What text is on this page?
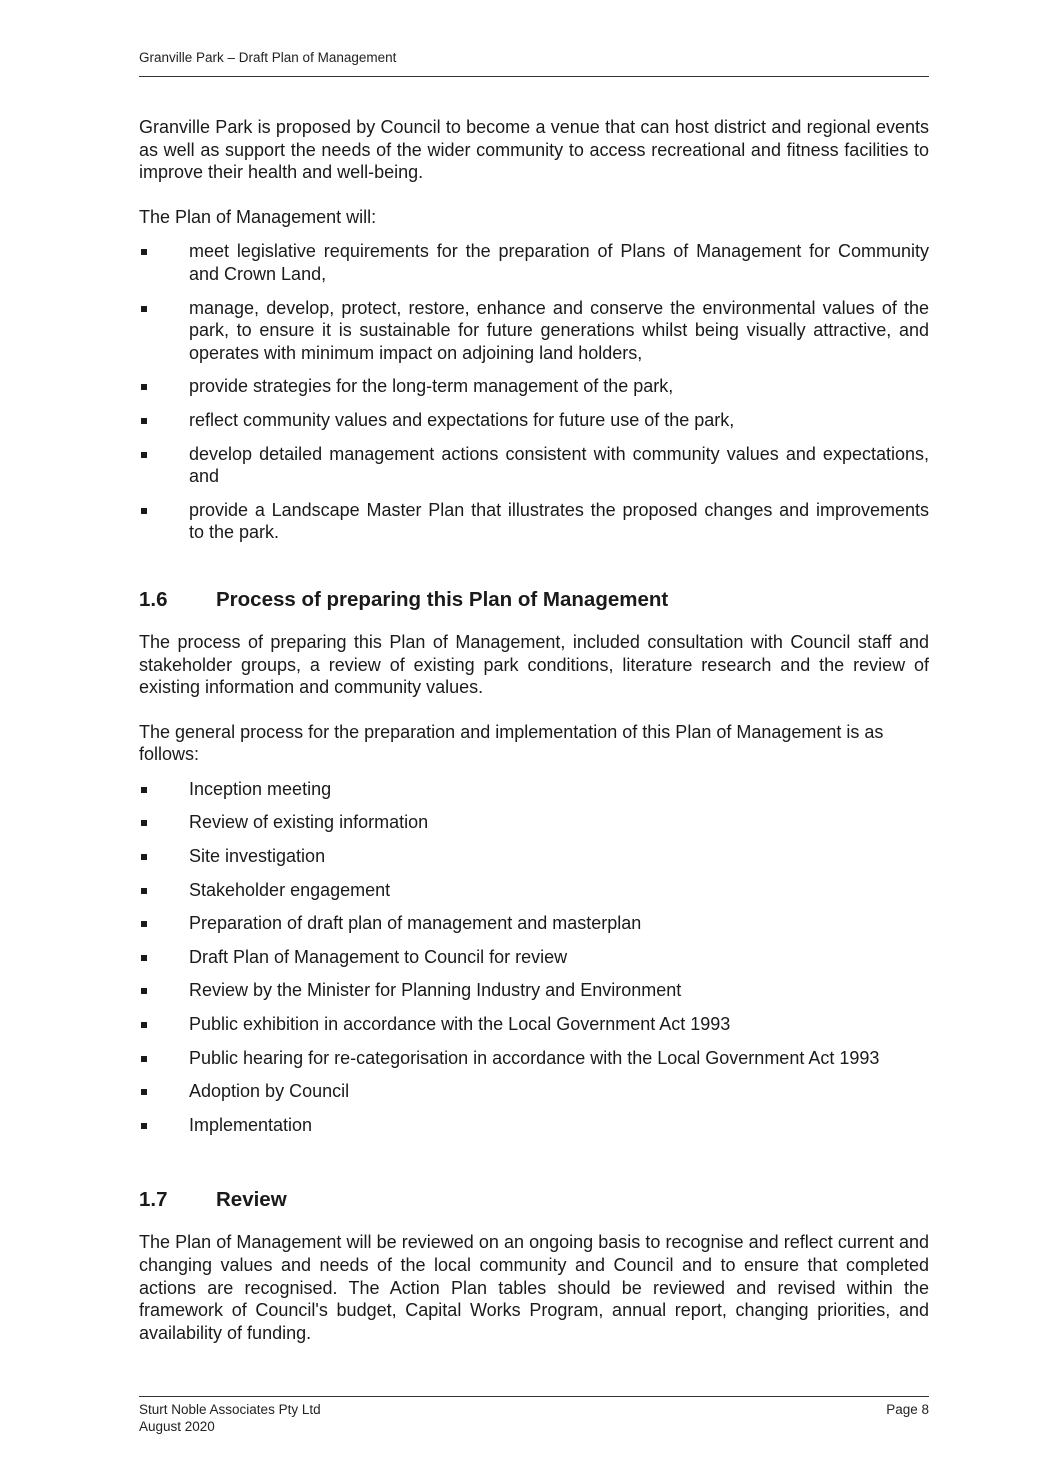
Granville Park – Draft Plan of Management

Granville Park is proposed by Council to become a venue that can host district and regional events as well as support the needs of the wider community to access recreational and fitness facilities to improve their health and well-being.

The Plan of Management will:

meet legislative requirements for the preparation of Plans of Management for Community and Crown Land,
manage, develop, protect, restore, enhance and conserve the environmental values of the park, to ensure it is sustainable for future generations whilst being visually attractive, and operates with minimum impact on adjoining land holders,
provide strategies for the long-term management of the park,
reflect community values and expectations for future use of the park,
develop detailed management actions consistent with community values and expectations, and
provide a Landscape Master Plan that illustrates the proposed changes and improvements to the park.
1.6	Process of preparing this Plan of Management

The process of preparing this Plan of Management, included consultation with Council staff and stakeholder groups, a review of existing park conditions, literature research and the review of existing information and community values.

The general process for the preparation and implementation of this Plan of Management is as follows:

Inception meeting
Review of existing information
Site investigation
Stakeholder engagement
Preparation of draft plan of management and masterplan
Draft Plan of Management to Council for review
Review by the Minister for Planning Industry and Environment
Public exhibition in accordance with the Local Government Act 1993
Public hearing for re-categorisation in accordance with the Local Government Act 1993
Adoption by Council
Implementation
1.7	Review

The Plan of Management will be reviewed on an ongoing basis to recognise and reflect current and changing values and needs of the local community and Council and to ensure that completed actions are recognised. The Action Plan tables should be reviewed and revised within the framework of Council's budget, Capital Works Program, annual report, changing priorities, and availability of funding.

Sturt Noble Associates Pty Ltd
August 2020
Page 8
